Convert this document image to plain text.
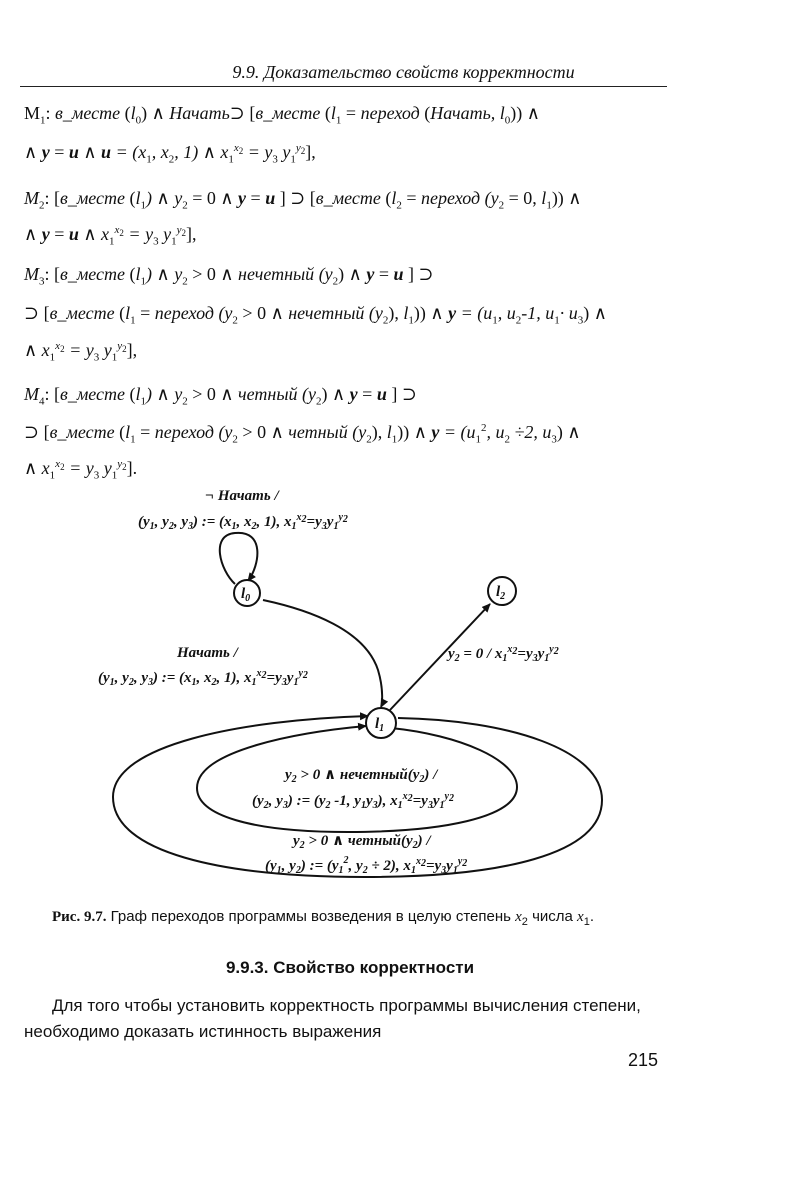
9.9. Доказательство свойств корректности
$M_1$: в_месте $(l_0)$ ∧ Начать⊃ [в_месте ($l_1$ = переход (Начать, $l_0$)) ∧
∧ y = u ∧ $u = (x_1$, $x_2$, 1) ∧ $x_1^{x_2} = y_3$ $y_1^{y_2}$],
$M_2$: [в_месте $(l_1)$ ∧ $y_2 = 0$ ∧ y = u ] ⊃ [в_месте ($l_2$ = переход ($y_2 = 0$, $l_1$)) ∧
∧ y = u ∧ $x_1^{x_2} = y_3$ $y_1^{y_2}$],
$M_3$: [в_месте $(l_1)$ ∧ $y_2 > 0$ ∧ нечетный $(y_2)$ ∧ y = u ] ⊃
⊃ [в_месте ($l_1$ = переход ($y_2 > 0$ ∧ нечетный $(y_2)$, $l_1$)) ∧ $y = (u_1$, $u_2-1$, $u_1\cdot u_3$) ∧
∧ $x_1^{x_2} = y_3$ $y_1^{y_2}$],
$M_4$: [в_месте $(l_1)$ ∧ $y_2 > 0$ ∧ четный $(y_2)$ ∧ y = u ] ⊃
⊃ [в_месте ($l_1$ = переход ($y_2 > 0$ ∧ четный $(y_2)$, $l_1$)) ∧ $y = (u_1^2$, $u_2 \div 2$, $u_3$) ∧
∧ $x_1^{x_2} = y_3$ $y_1^{y_2}$].
$l_0$
$l_1$
$l_2$
¬ Начать /
($y_1$, $y_2$, $y_3$) := ($x_1$, $x_2$, 1), $x_1^x2=y_3y_1^y2$
Начать /
($y_1$, $y_2$, $y_3$) := ($x_1$, $x_2$, 1), $x_1^x2=y_3y_1^y2$
$y_2 = 0 / x_1^x2=y_3y_1^y2$
$y_2 > 0$ ∧ $нечетный(y_2)$ /
($y_2$, $y_3$) := ($y_2$ -1, $y_1y_3$), $x_1^x2=y_3y_1^y2$
$y_2 > 0$ ∧ $четный(y_2)$ /
($y_1$, $y_2$) := ($y_1^2$, $y_2 \div 2$), $x_1^x2=y_3y_1^y2$
Рис. 9.7. Граф переходов программы возведения в целую степень $x_2$ числа $x_1$.
9.9.3. Свойство корректности
Для того чтобы установить корректность программы вычисления степени,
необходимо доказать истинность выражения
215
